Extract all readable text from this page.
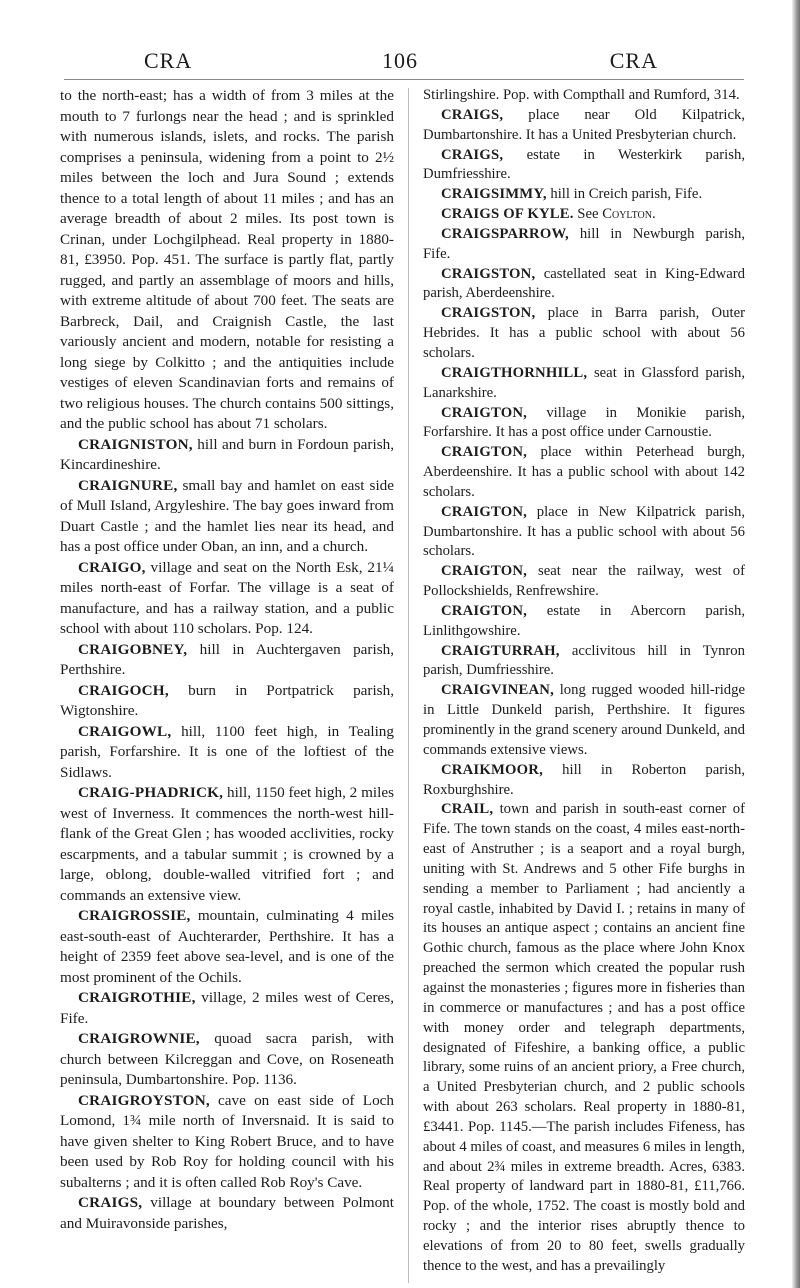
CRA	106	CRA

to the north-east; has a width of from 3 miles at the mouth to 7 furlongs near the head ; and is sprinkled with numerous islands, islets, and rocks. The parish comprises a peninsula, widening from a point to 2½ miles between the loch and Jura Sound ; extends thence to a total length of about 11 miles ; and has an average breadth of about 2 miles. Its post town is Crinan, under Lochgilphead. Real property in 1880-81, £3950. Pop. 451. The surface is partly flat, partly rugged, and partly an assemblage of moors and hills, with extreme altitude of about 700 feet. The seats are Barbreck, Dail, and Craignish Castle, the last variously ancient and modern, notable for resisting a long siege by Colkitto ; and the antiquities include vestiges of eleven Scandinavian forts and remains of two religious houses. The church contains 500 sittings, and the public school has about 71 scholars.

CRAIGNISTON, hill and burn in Fordoun parish, Kincardineshire.

CRAIGNURE, small bay and hamlet on east side of Mull Island, Argyleshire. The bay goes inward from Duart Castle ; and the hamlet lies near its head, and has a post office under Oban, an inn, and a church.

CRAIGO, village and seat on the North Esk, 21¼ miles north-east of Forfar. The village is a seat of manufacture, and has a railway station, and a public school with about 110 scholars. Pop. 124.

CRAIGOBNEY, hill in Auchtergaven parish, Perthshire.

CRAIGOCH, burn in Portpatrick parish, Wigtonshire.

CRAIGOWL, hill, 1100 feet high, in Tealing parish, Forfarshire. It is one of the loftiest of the Sidlaws.

CRAIG-PHADRICK, hill, 1150 feet high, 2 miles west of Inverness. It commences the north-west hill-flank of the Great Glen ; has wooded acclivities, rocky escarpments, and a tabular summit ; is crowned by a large, oblong, double-walled vitrified fort ; and commands an extensive view.

CRAIGROSSIE, mountain, culminating 4 miles east-south-east of Auchterarder, Perthshire. It has a height of 2359 feet above sea-level, and is one of the most prominent of the Ochils.

CRAIGROTHIE, village, 2 miles west of Ceres, Fife.

CRAIGROWNIE, quoad sacra parish, with church between Kilcreggan and Cove, on Roseneath peninsula, Dumbartonshire. Pop. 1136.

CRAIGROYSTON, cave on east side of Loch Lomond, 1¾ mile north of Inversnaid. It is said to have given shelter to King Robert Bruce, and to have been used by Rob Roy for holding council with his subalterns ; and it is often called Rob Roy's Cave.

CRAIGS, village at boundary between Polmont and Muiravonside parishes,

Stirlingshire. Pop. with Compthall and Rumford, 314.

CRAIGS, place near Old Kilpatrick, Dumbartonshire. It has a United Presbyterian church.

CRAIGS, estate in Westerkirk parish, Dumfriesshire.

CRAIGSIMMY, hill in Creich parish, Fife.

CRAIGS OF KYLE. See Coylton.

CRAIGSPARROW, hill in Newburgh parish, Fife.

CRAIGSTON, castellated seat in King-Edward parish, Aberdeenshire.

CRAIGSTON, place in Barra parish, Outer Hebrides. It has a public school with about 56 scholars.

CRAIGTHORNHILL, seat in Glassford parish, Lanarkshire.

CRAIGTON, village in Monikie parish, Forfarshire. It has a post office under Carnoustie.

CRAIGTON, place within Peterhead burgh, Aberdeenshire. It has a public school with about 142 scholars.

CRAIGTON, place in New Kilpatrick parish, Dumbartonshire. It has a public school with about 56 scholars.

CRAIGTON, seat near the railway, west of Pollockshields, Renfrewshire.

CRAIGTON, estate in Abercorn parish, Linlithgowshire.

CRAIGTURRAH, acclivitous hill in Tynron parish, Dumfriesshire.

CRAIGVINEAN, long rugged wooded hill-ridge in Little Dunkeld parish, Perthshire. It figures prominently in the grand scenery around Dunkeld, and commands extensive views.

CRAIKMOOR, hill in Roberton parish, Roxburghshire.

CRAIL, town and parish in south-east corner of Fife. The town stands on the coast, 4 miles east-north-east of Anstruther ; is a seaport and a royal burgh, uniting with St. Andrews and 5 other Fife burghs in sending a member to Parliament ; had anciently a royal castle, inhabited by David I. ; retains in many of its houses an antique aspect ; contains an ancient fine Gothic church, famous as the place where John Knox preached the sermon which created the popular rush against the monasteries ; figures more in fisheries than in commerce or manufactures ; and has a post office with money order and telegraph departments, designated of Fifeshire, a banking office, a public library, some ruins of an ancient priory, a Free church, a United Presbyterian church, and 2 public schools with about 263 scholars. Real property in 1880-81, £3441. Pop. 1145.—The parish includes Fifeness, has about 4 miles of coast, and measures 6 miles in length, and about 2¾ miles in extreme breadth. Acres, 6383. Real property of landward part in 1880-81, £11,766. Pop. of the whole, 1752. The coast is mostly bold and rocky ; and the interior rises abruptly thence to elevations of from 20 to 80 feet, swells gradually thence to the west, and has a prevailingly
